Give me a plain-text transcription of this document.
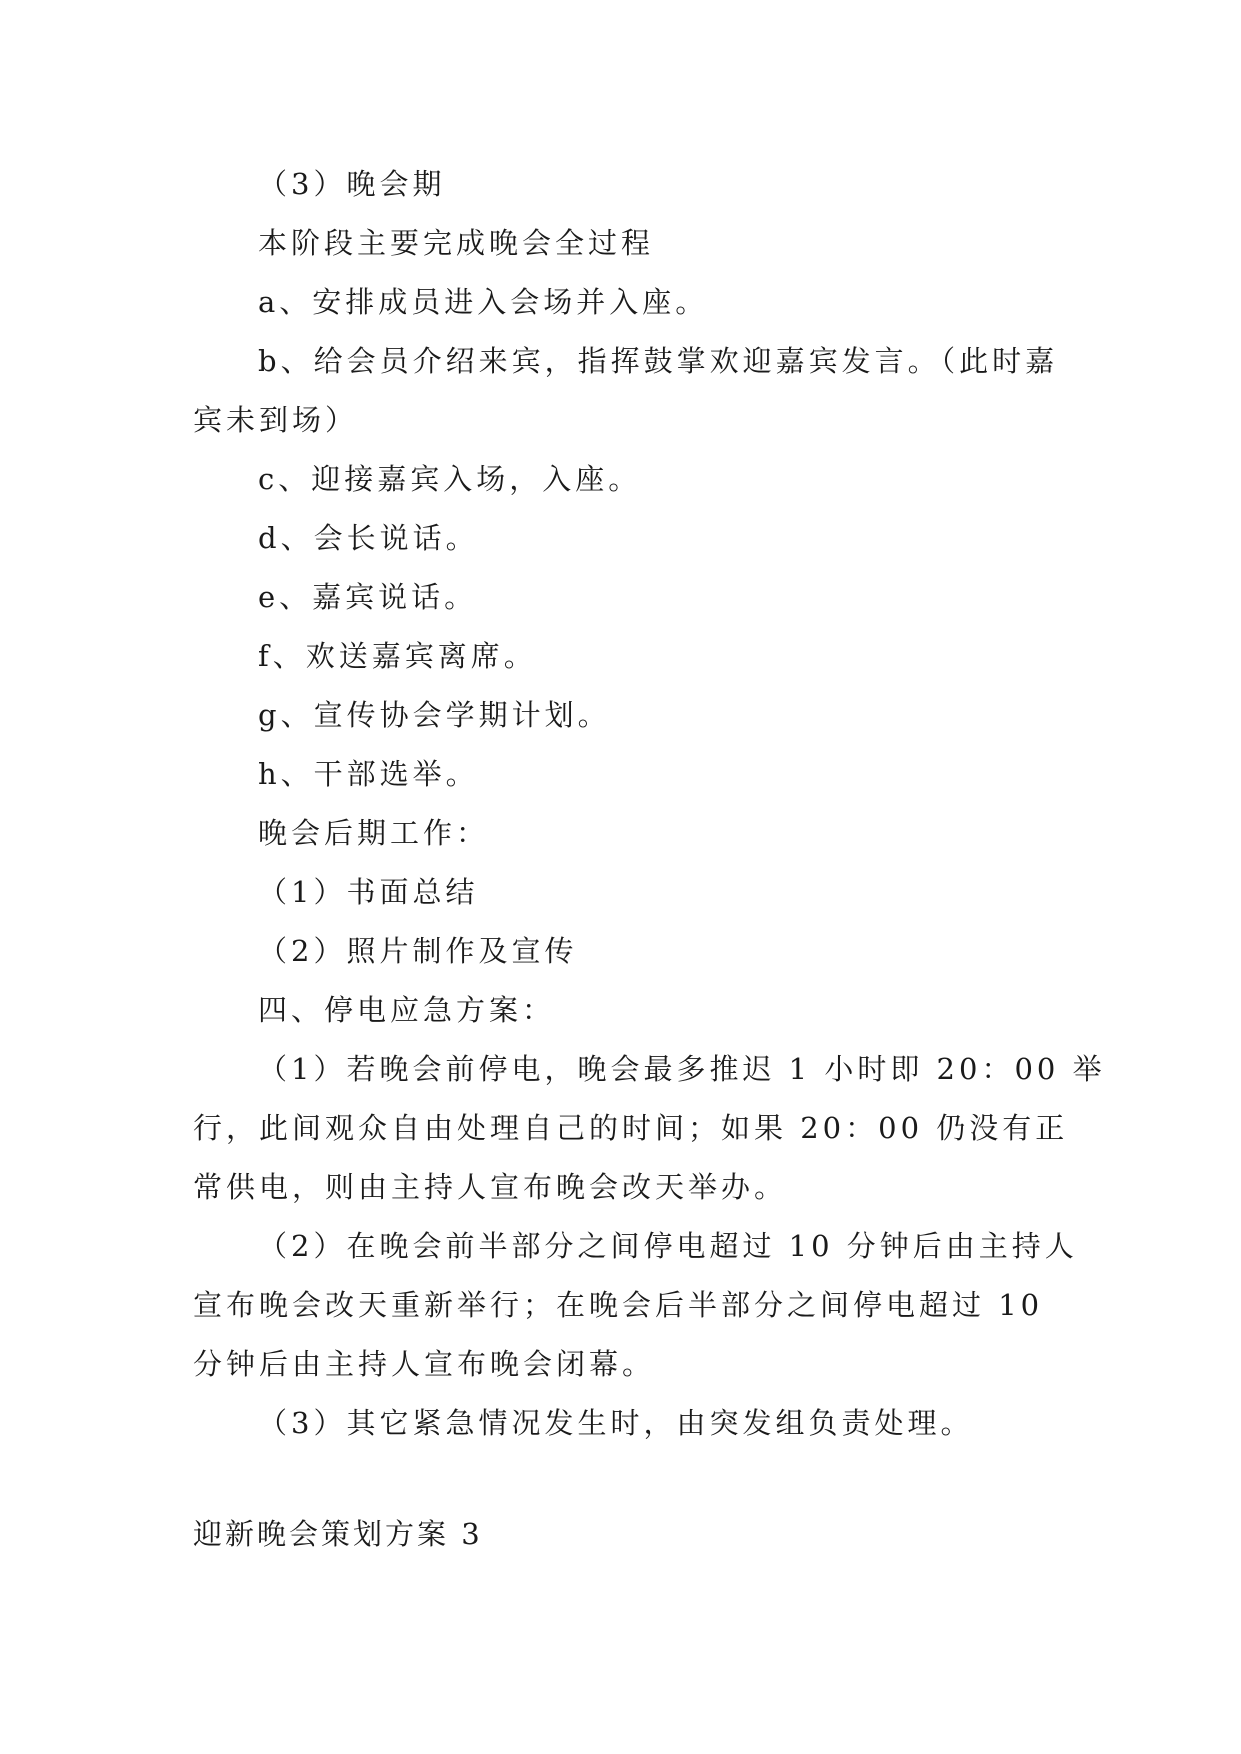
（3）晚会期
本阶段主要完成晚会全过程
a、安排成员进入会场并入座。
b、给会员介绍来宾，指挥鼓掌欢迎嘉宾发言。（此时嘉
宾未到场）
c、迎接嘉宾入场，入座。
d、会长说话。
e、嘉宾说话。
f、欢送嘉宾离席。
g、宣传协会学期计划。
h、干部选举。
晚会后期工作：
（1）书面总结
（2）照片制作及宣传
四、停电应急方案：
（1）若晚会前停电，晚会最多推迟 1 小时即 20：00 举
行，此间观众自由处理自己的时间；如果 20：00 仍没有正
常供电，则由主持人宣布晚会改天举办。
（2）在晚会前半部分之间停电超过 10 分钟后由主持人
宣布晚会改天重新举行；在晚会后半部分之间停电超过 10
分钟后由主持人宣布晚会闭幕。
（3）其它紧急情况发生时，由突发组负责处理。
迎新晚会策划方案 3
